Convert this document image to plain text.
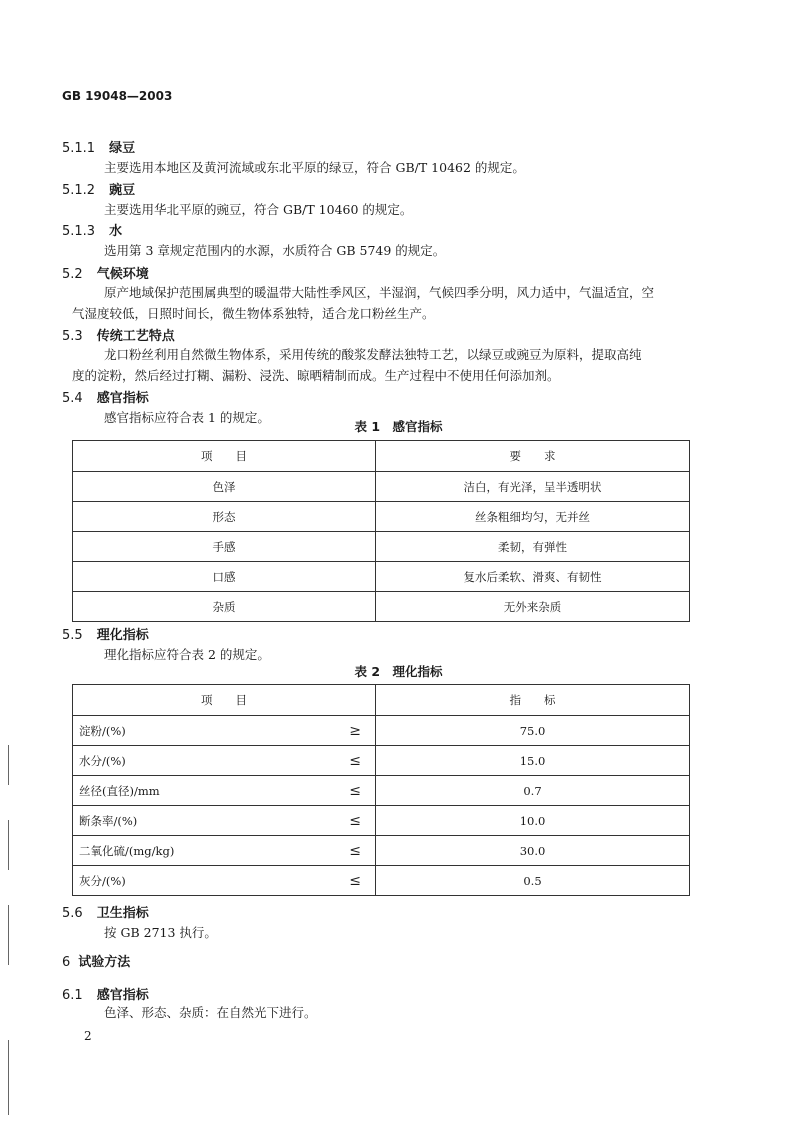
GB 19048—2003
5.1.1 绿豆
主要选用本地区及黄河流域或东北平原的绿豆，符合 GB/T 10462 的规定。
5.1.2 豌豆
主要选用华北平原的豌豆，符合 GB/T 10460 的规定。
5.1.3 水
选用第 3 章规定范围内的水源，水质符合 GB 5749 的规定。
5.2 气候环境
原产地域保护范围属典型的暖温带大陆性季风区，半湿润，气候四季分明，风力适中，气温适宜，空
气湿度较低，日照时间长，微生物体系独特，适合龙口粉丝生产。
5.3 传统工艺特点
龙口粉丝利用自然微生物体系，采用传统的酸浆发酵法独特工艺，以绿豆或豌豆为原料，提取高纯
度的淀粉，然后经过打糊、漏粉、浸洗、晾晒精制而成。生产过程中不使用任何添加剂。
5.4 感官指标
感官指标应符合表 1 的规定。
表 1　感官指标
项　　目	要　　求
色泽	洁白，有光泽，呈半透明状
形态	丝条粗细均匀，无并丝
手感	柔韧，有弹性
口感	复水后柔软、滑爽、有韧性
杂质	无外来杂质
5.5 理化指标
理化指标应符合表 2 的规定。
表 2　理化指标
项　　目	指　　标
淀粉/(%) ≥	75.0
水分/(%) ≤	15.0
丝径(直径)/mm ≤	0.7
断条率/(%) ≤	10.0
二氧化硫/(mg/kg) ≤	30.0
灰分/(%) ≤	0.5
5.6 卫生指标
按 GB 2713 执行。
6 试验方法
6.1 感官指标
色泽、形态、杂质：在自然光下进行。
2
